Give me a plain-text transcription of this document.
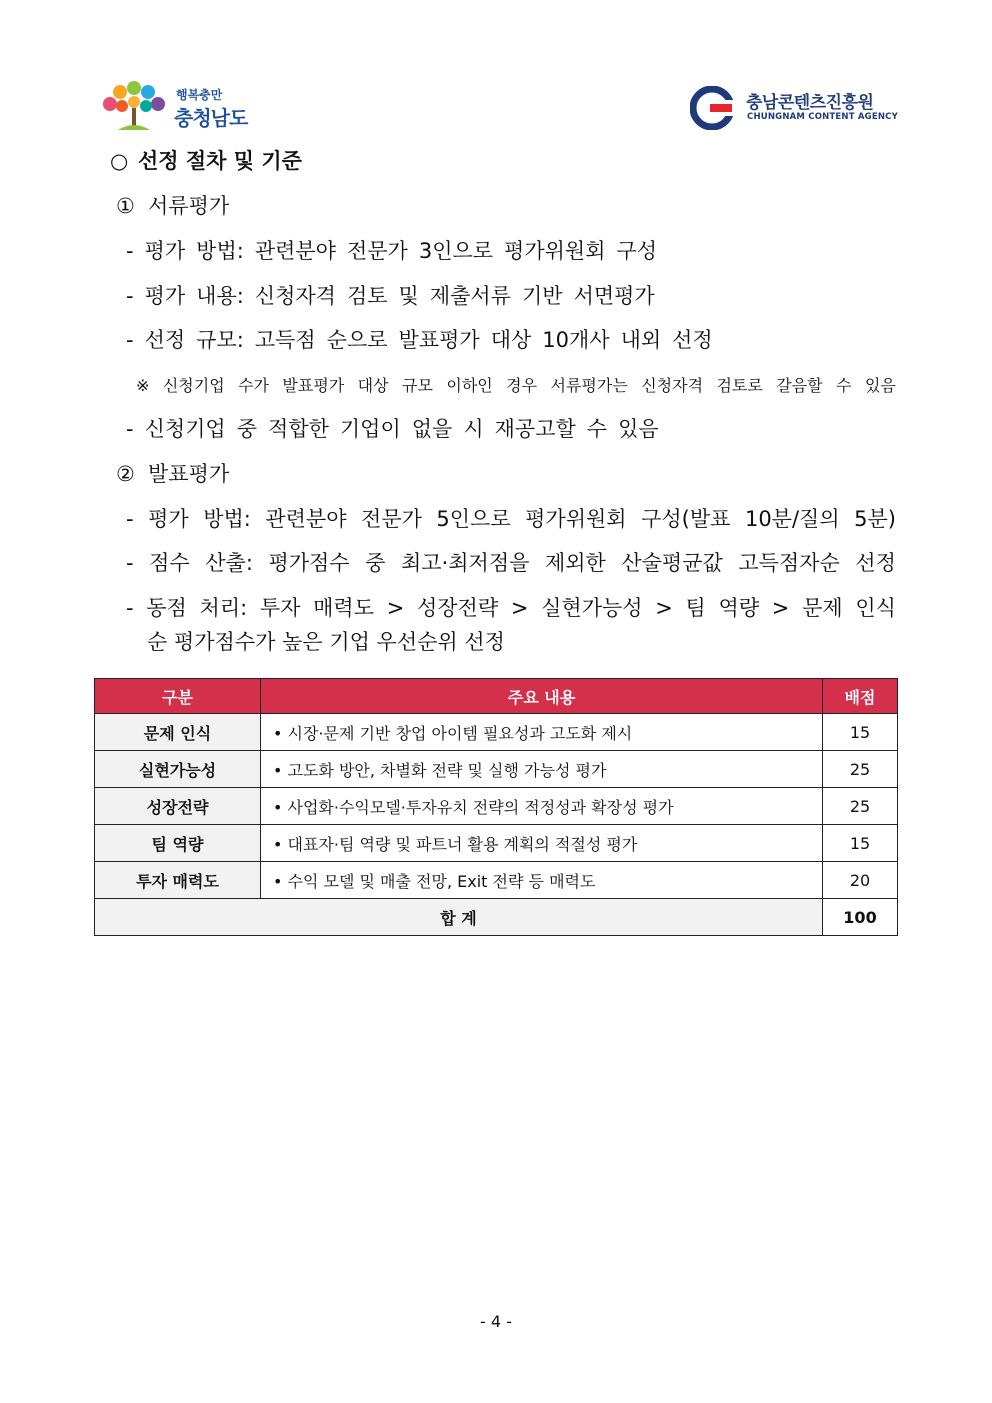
행복충만
충청남도
충남콘텐츠진흥원
CHUNGNAM CONTENT AGENCY
○ 선정 절차 및 기준
① 서류평가
- 평가 방법: 관련분야 전문가 3인으로 평가위원회 구성
- 평가 내용: 신청자격 검토 및 제출서류 기반 서면평가
- 선정 규모: 고득점 순으로 발표평가 대상 10개사 내외 선정
※ 신청기업 수가 발표평가 대상 규모 이하인 경우 서류평가는 신청자격 검토로 갈음할 수 있음
- 신청기업 중 적합한 기업이 없을 시 재공고할 수 있음
② 발표평가
- 평가 방법: 관련분야 전문가 5인으로 평가위원회 구성(발표 10분/질의 5분)
- 점수 산출: 평가점수 중 최고·최저점을 제외한 산술평균값 고득점자순 선정
- 동점 처리: 투자 매력도 > 성장전략 > 실현가능성 > 팀 역량 > 문제 인식
순 평가점수가 높은 기업 우선순위 선정
구분	주요 내용	배점
문제 인식	• 시장·문제 기반 창업 아이템 필요성과 고도화 제시	15
실현가능성	• 고도화 방안, 차별화 전략 및 실행 가능성 평가	25
성장전략	• 사업화·수익모델·투자유치 전략의 적정성과 확장성 평가	25
팀 역량	• 대표자·팀 역량 및 파트너 활용 계획의 적절성 평가	15
투자 매력도	• 수익 모델 및 매출 전망, Exit 전략 등 매력도	20
합 계		100
- 4 -
